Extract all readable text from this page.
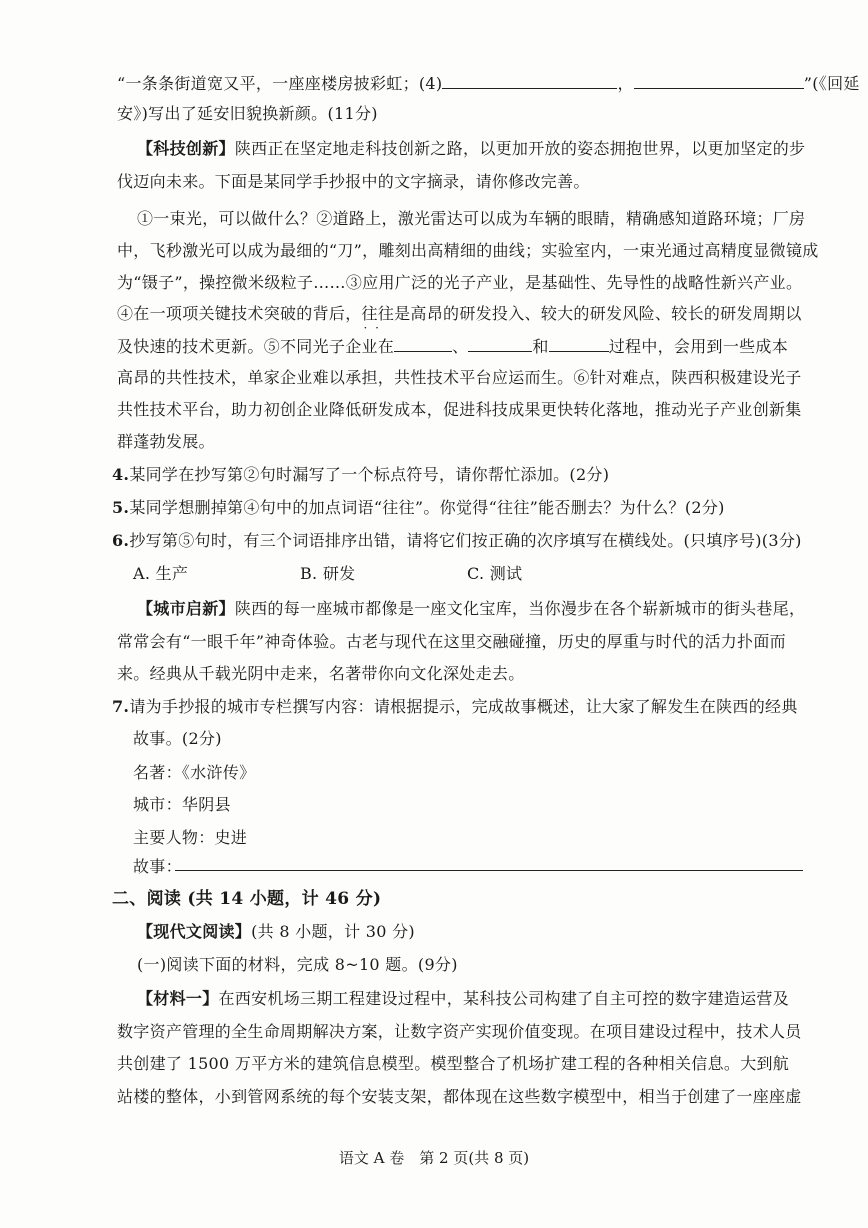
“一条条街道宽又平，一座座楼房披彩虹；(4)	，	”(《回延
安》)写出了延安旧貌换新颜。(11分)
【科技创新】陕西正在坚定地走科技创新之路，以更加开放的姿态拥抱世界，以更加坚定的步
伐迈向未来。下面是某同学手抄报中的文字摘录，请你修改完善。
①一束光，可以做什么？②道路上，激光雷达可以成为车辆的眼睛，精确感知道路环境；厂房
中，飞秒激光可以成为最细的“刀”，雕刻出高精细的曲线；实验室内，一束光通过高精度显微镜成
为“镊子”，操控微米级粒子……③应用广泛的光子产业，是基础性、先导性的战略性新兴产业。
④在一项项关键技术突破的背后，往往 · ·是高昂的研发投入、较大的研发风险、较长的研发周期以
及快速的技术更新。⑤不同光子企业在	、	和	过程中，会用到一些成本
高昂的共性技术，单家企业难以承担，共性技术平台应运而生。⑥针对难点，陕西积极建设光子
共性技术平台，助力初创企业降低研发成本，促进科技成果更快转化落地，推动光子产业创新集
群蓬勃发展。
4.某同学在抄写第②句时漏写了一个标点符号，请你帮忙添加。(2分)
5.某同学想删掉第④句中的加点词语“往往”。你觉得“往往”能否删去？为什么？(2分)
6.抄写第⑤句时，有三个词语排序出错，请将它们按正确的次序填写在横线处。(只填序号)(3分)
A. 生产	B. 研发	C. 测试
【城市启新】陕西的每一座城市都像是一座文化宝库，当你漫步在各个崭新城市的街头巷尾，
常常会有“一眼千年”神奇体验。古老与现代在这里交融碰撞，历史的厚重与时代的活力扑面而
来。经典从千载光阴中走来，名著带你向文化深处走去。
7.请为手抄报的城市专栏撰写内容：请根据提示，完成故事概述，让大家了解发生在陕西的经典
故事。(2分)
名著：《水浒传》
城市：华阴县
主要人物：史进
故事：
二、阅读 (共 14 小题，计 46 分)
【现代文阅读】(共 8 小题，计 30 分)
(一)阅读下面的材料，完成 8~10 题。(9分)
【材料一】在西安机场三期工程建设过程中，某科技公司构建了自主可控的数字建造运营及
数字资产管理的全生命周期解决方案，让数字资产实现价值变现。在项目建设过程中，技术人员
共创建了 1500 万平方米的建筑信息模型。模型整合了机场扩建工程的各种相关信息。大到航
站楼的整体，小到管网系统的每个安装支架，都体现在这些数字模型中，相当于创建了一座座虚
语文 A 卷　第 2 页(共 8 页)
